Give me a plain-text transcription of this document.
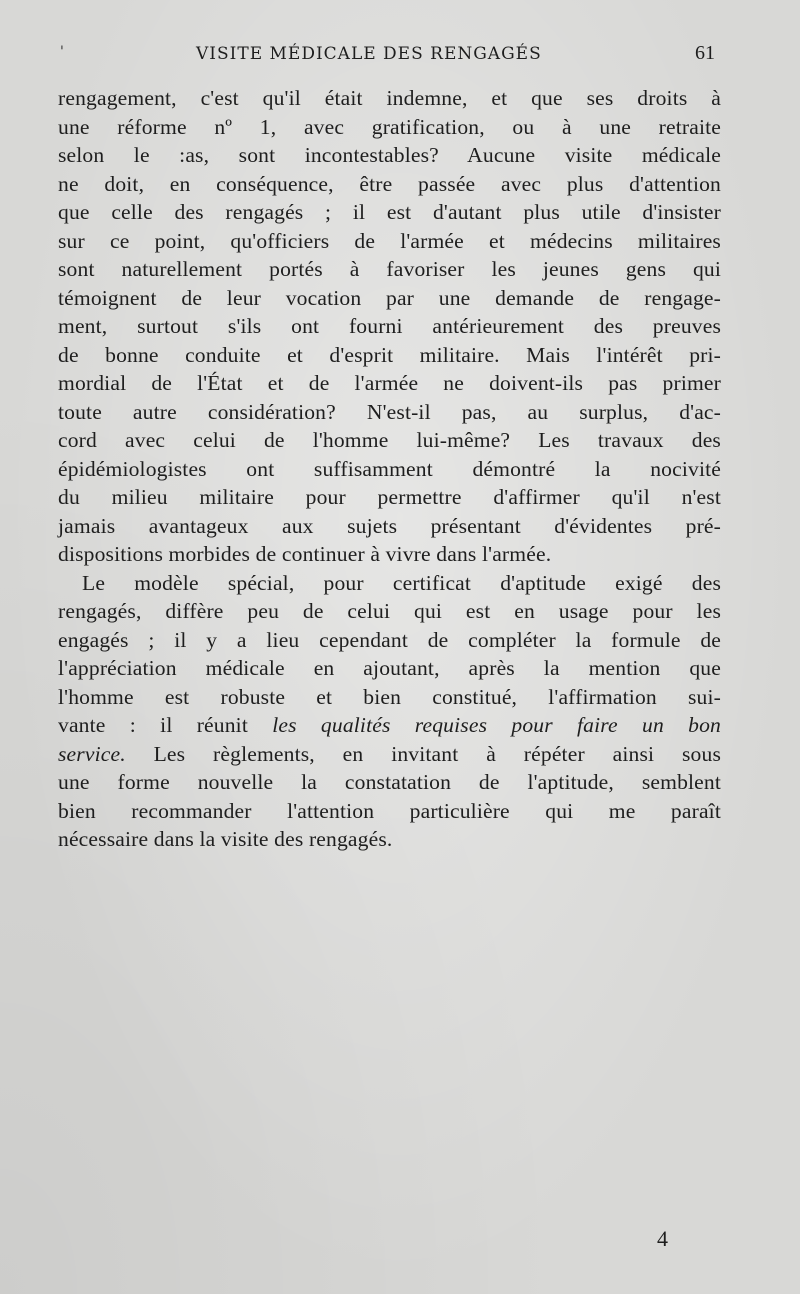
'	VISITE MÉDICALE DES RENGAGÉS	61
rengagement, c'est qu'il était indemne, et que ses droits à
une réforme nº 1, avec gratification, ou à une retraite
selon le :as, sont incontestables? Aucune visite médicale
ne doit, en conséquence, être passée avec plus d'attention
que celle des rengagés ; il est d'autant plus utile d'insister
sur ce point, qu'officiers de l'armée et médecins militaires
sont naturellement portés à favoriser les jeunes gens qui
témoignent de leur vocation par une demande de rengage-
ment, surtout s'ils ont fourni antérieurement des preuves
de bonne conduite et d'esprit militaire. Mais l'intérêt pri-
mordial de l'État et de l'armée ne doivent-ils pas primer
toute autre considération? N'est-il pas, au surplus, d'ac-
cord avec celui de l'homme lui-même? Les travaux des
épidémiologistes ont suffisamment démontré la nocivité
du milieu militaire pour permettre d'affirmer qu'il n'est
jamais avantageux aux sujets présentant d'évidentes pré-
dispositions morbides de continuer à vivre dans l'armée.
Le modèle spécial, pour certificat d'aptitude exigé des
rengagés, diffère peu de celui qui est en usage pour les
engagés ; il y a lieu cependant de compléter la formule de
l'appréciation médicale en ajoutant, après la mention que
l'homme est robuste et bien constitué, l'affirmation sui-
vante : il réunit les qualités requises pour faire un bon
service. Les règlements, en invitant à répéter ainsi sous
une forme nouvelle la constatation de l'aptitude, semblent
bien recommander l'attention particulière qui me paraît
nécessaire dans la visite des rengagés.
4
